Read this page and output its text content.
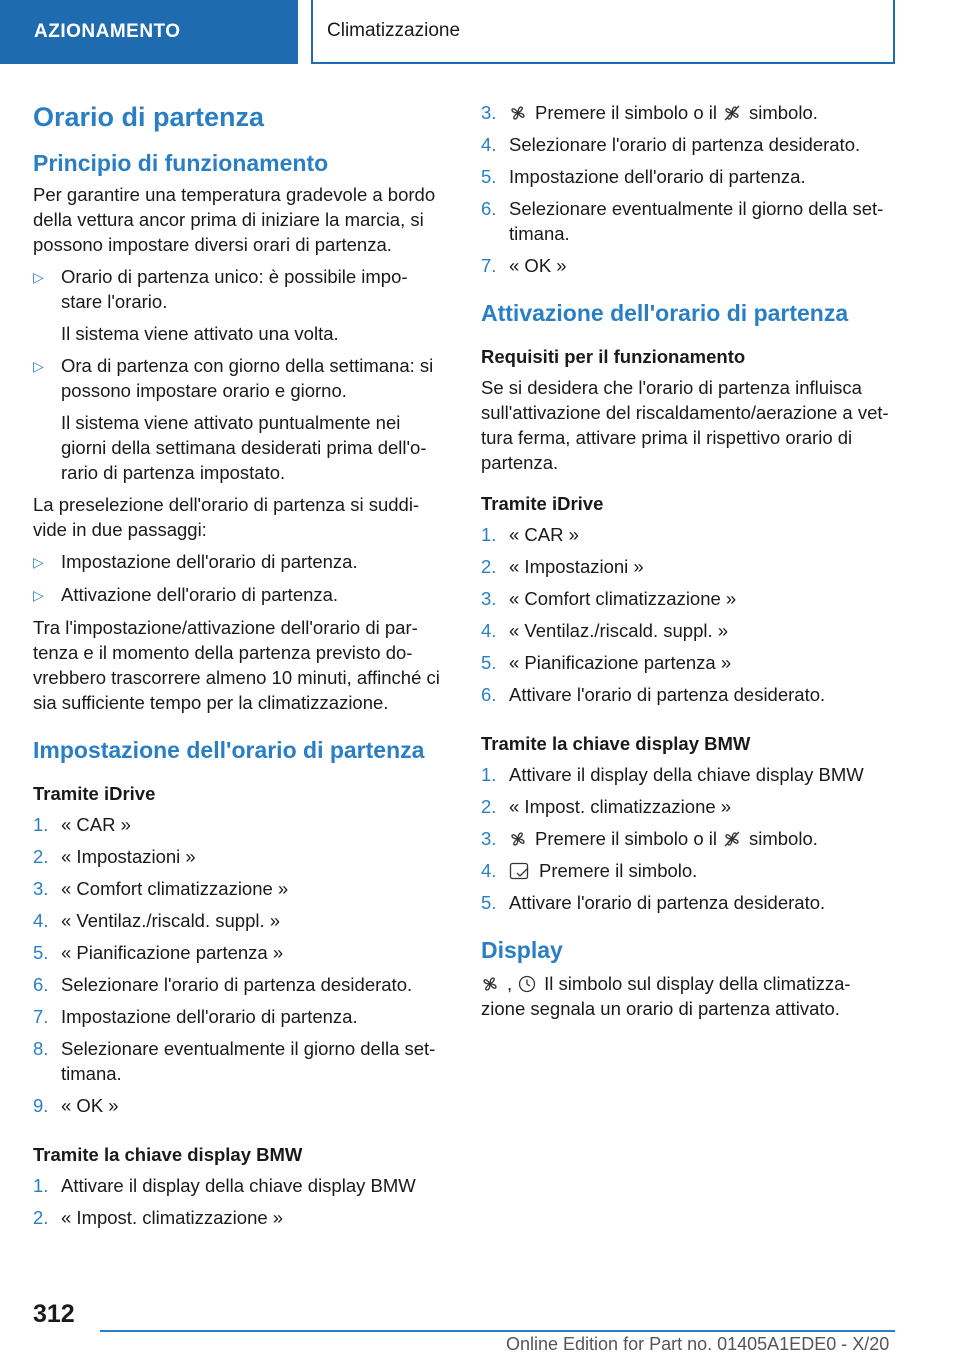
AZIONAMENTO	Climatizzazione
Orario di partenza
Principio di funzionamento

Per garantire una temperatura gradevole a bordo della vettura ancor prima di iniziare la marcia, si possono impostare diversi orari di partenza.

▷ Orario di partenza unico: è possibile impo-stare l'orario.

Il sistema viene attivato una volta.

▷ Ora di partenza con giorno della settimana: si possono impostare orario e giorno.

Il sistema viene attivato puntualmente nei giorni della settimana desiderati prima dell'o-rario di partenza impostato.

La preselezione dell'orario di partenza si suddi-vide in due passaggi:

▷ Impostazione dell'orario di partenza.
▷ Attivazione dell'orario di partenza.

Tra l'impostazione/attivazione dell'orario di par-tenza e il momento della partenza previsto do-vrebbero trascorrere almeno 10 minuti, affinché ci sia sufficiente tempo per la climatizzazione.

Impostazione dell'orario di partenza
Tramite iDrive
1. « CAR »
2. « Impostazioni »
3. « Comfort climatizzazione »
4. « Ventilaz./riscald. suppl. »
5. « Pianificazione partenza »
6. Selezionare l'orario di partenza desiderato.
7. Impostazione dell'orario di partenza.
8. Selezionare eventualmente il giorno della set-timana.
9. « OK »
Tramite la chiave display BMW
1. Attivare il display della chiave display BMW
2. « Impost. climatizzazione »
3.	Premere il simbolo o il simbolo.
4. Selezionare l'orario di partenza desiderato.
5. Impostazione dell'orario di partenza.
6. Selezionare eventualmente il giorno della set-timana.
7. « OK »
Attivazione dell'orario di partenza
Requisiti per il funzionamento

Se si desidera che l'orario di partenza influisca sull'attivazione del riscaldamento/aerazione a vet-tura ferma, attivare prima il rispettivo orario di partenza.

Tramite iDrive
1. « CAR »
2. « Impostazioni »
3. « Comfort climatizzazione »
4. « Ventilaz./riscald. suppl. »
5. « Pianificazione partenza »
6. Attivare l'orario di partenza desiderato.
Tramite la chiave display BMW
1. Attivare il display della chiave display BMW
2. « Impost. climatizzazione »
3.	Premere il simbolo o il simbolo.
4.	Premere il simbolo.
5. Attivare l'orario di partenza desiderato.
Display

, Il simbolo sul display della climatizza-zione segnala un orario di partenza attivato.

312
Online Edition for Part no. 01405A1EDE0 - X/20
